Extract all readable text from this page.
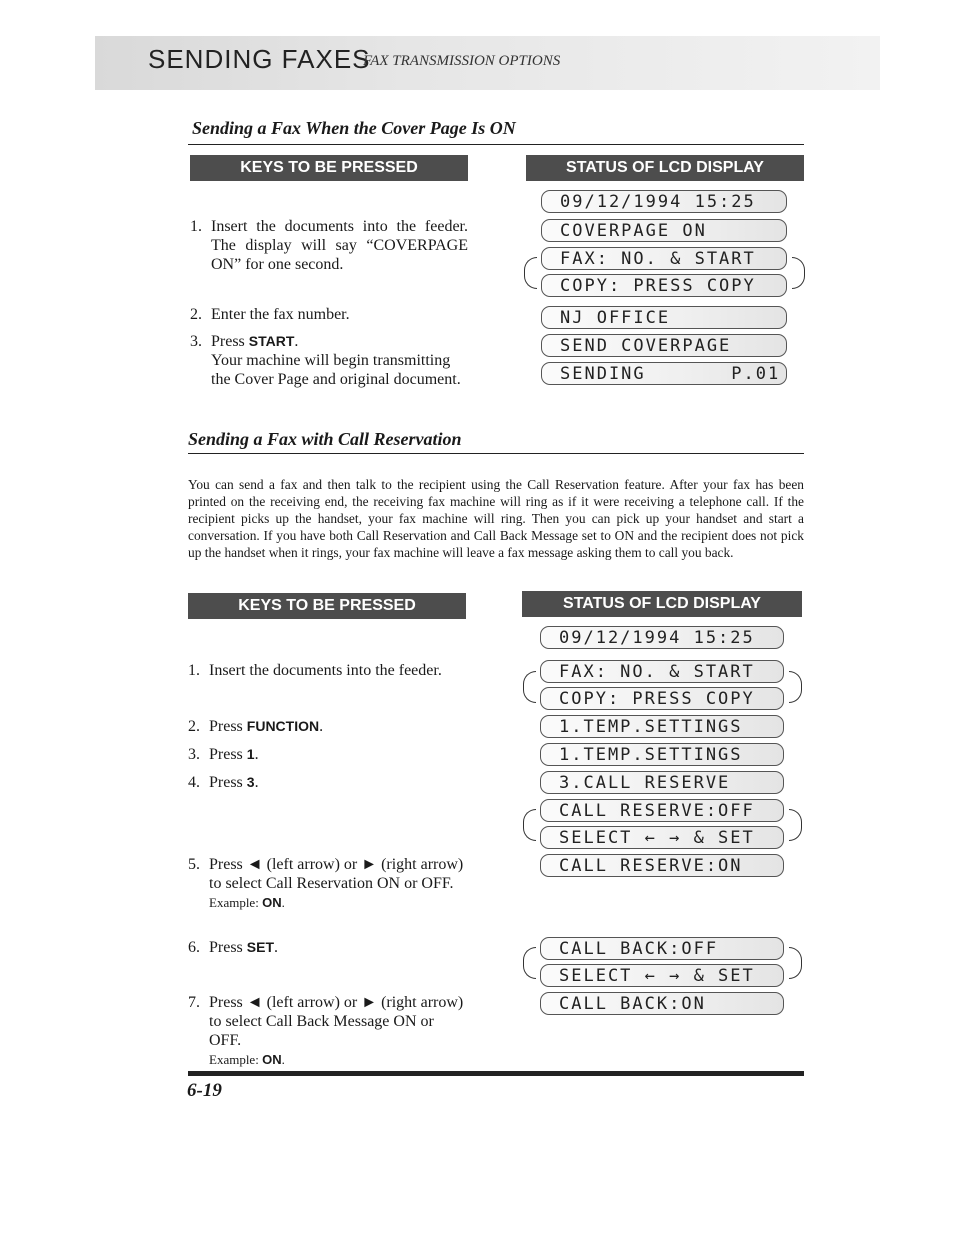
SENDING FAXES
FAX TRANSMISSION OPTIONS
Sending a Fax When the Cover Page Is ON
KEYS TO BE PRESSED	STATUS OF LCD DISPLAY
1. Insert the documents into the feeder. The display will say “COVERPAGE ON” for one second.
2. Enter the fax number.
3. Press START.
Your machine will begin transmitting the Cover Page and original document.
09/12/1994 15:25
COVERPAGE ON
FAX: NO. & START
COPY: PRESS COPY
NJ OFFICE
SEND COVERPAGE
SENDING       P.01
Sending a Fax with Call Reservation
You can send a fax and then talk to the recipient using the Call Reservation feature. After your fax has been printed on the receiving end, the receiving fax machine will ring as if it were receiving a telephone call. If the recipient picks up the handset, your fax machine will ring. Then you can pick up your handset and start a conversation. If you have both Call Reservation and Call Back Message set to ON and the recipient does not pick up the handset when it rings, your fax machine will leave a fax message asking them to call you back.
KEYS TO BE PRESSED	STATUS OF LCD DISPLAY
1. Insert the documents into the feeder.
2. Press FUNCTION.
3. Press 1.
4. Press 3.
5. Press ◄ (left arrow) or ► (right arrow) to select Call Reservation ON or OFF.
Example: ON.
6. Press SET.
7. Press ◄ (left arrow) or ► (right arrow) to select Call Back Message ON or OFF.
Example: ON.
09/12/1994 15:25
FAX: NO. & START
COPY: PRESS COPY
1.TEMP.SETTINGS
1.TEMP.SETTINGS
3.CALL RESERVE
CALL RESERVE:OFF
SELECT ← → & SET
CALL RESERVE:ON
CALL BACK:OFF
SELECT ← → & SET
CALL BACK:ON
6-19
